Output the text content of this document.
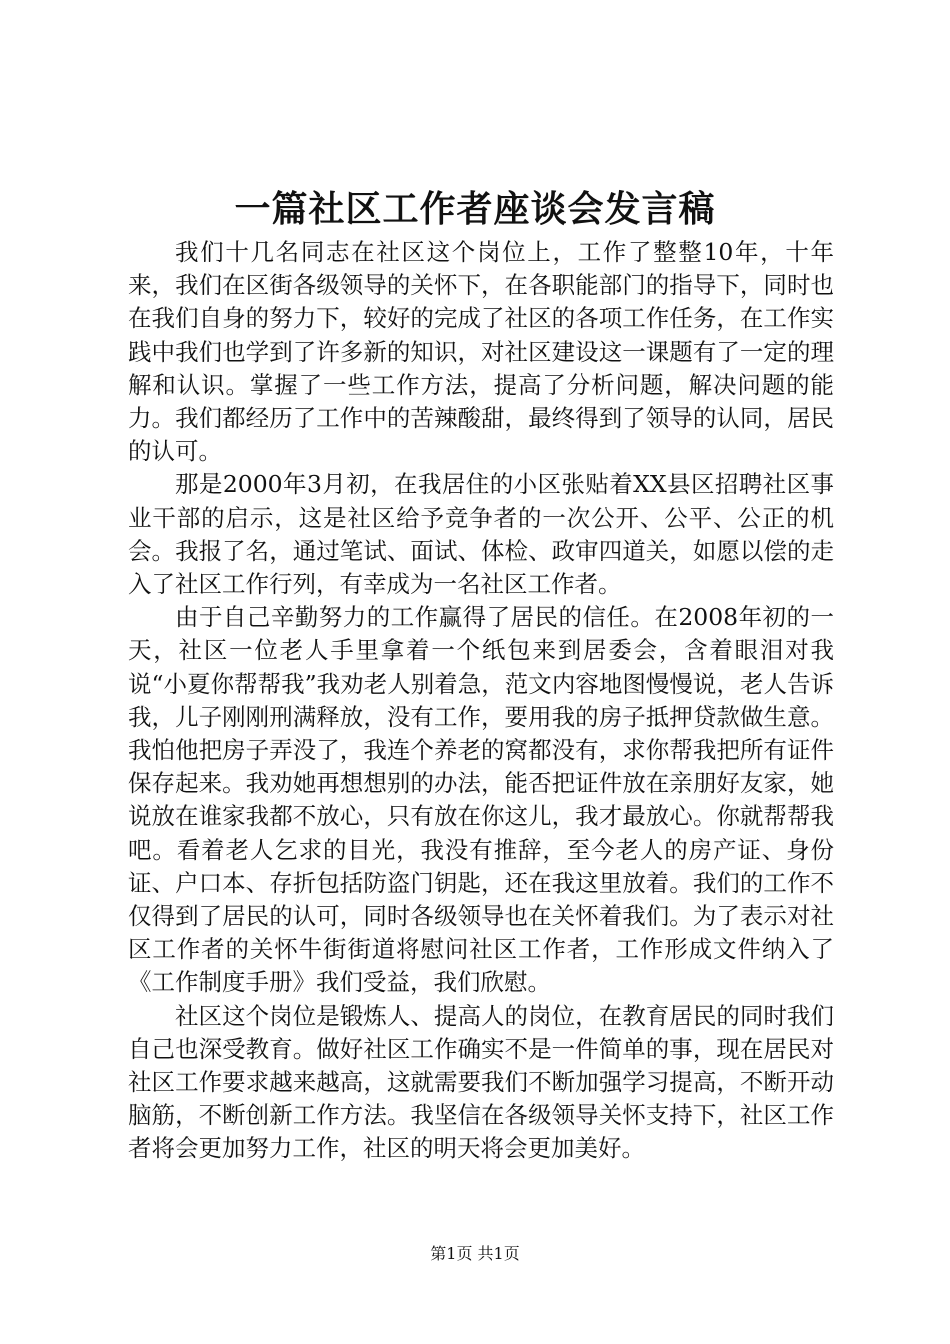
一篇社区工作者座谈会发言稿

我们十几名同志在社区这个岗位上，工作了整整10年，十年来，我们在区街各级领导的关怀下，在各职能部门的指导下，同时也在我们自身的努力下，较好的完成了社区的各项工作任务，在工作实践中我们也学到了许多新的知识，对社区建设这一课题有了一定的理解和认识。掌握了一些工作方法，提高了分析问题，解决问题的能力。我们都经历了工作中的苦辣酸甜，最终得到了领导的认同，居民的认可。

那是2000年3月初，在我居住的小区张贴着XX县区招聘社区事业干部的启示，这是社区给予竞争者的一次公开、公平、公正的机会。我报了名，通过笔试、面试、体检、政审四道关，如愿以偿的走入了社区工作行列，有幸成为一名社区工作者。

由于自己辛勤努力的工作赢得了居民的信任。在2008年初的一天，社区一位老人手里拿着一个纸包来到居委会，含着眼泪对我说“小夏你帮帮我”我劝老人别着急，范文内容地图慢慢说，老人告诉我，儿子刚刚刑满释放，没有工作，要用我的房子抵押贷款做生意。我怕他把房子弄没了，我连个养老的窝都没有，求你帮我把所有证件保存起来。我劝她再想想别的办法，能否把证件放在亲朋好友家，她说放在谁家我都不放心，只有放在你这儿，我才最放心。你就帮帮我吧。看着老人乞求的目光，我没有推辞，至今老人的房产证、身份证、户口本、存折包括防盗门钥匙，还在我这里放着。我们的工作不仅得到了居民的认可，同时各级领导也在关怀着我们。为了表示对社区工作者的关怀牛街街道将慰问社区工作者，工作形成文件纳入了《工作制度手册》我们受益，我们欣慰。

社区这个岗位是锻炼人、提高人的岗位，在教育居民的同时我们自己也深受教育。做好社区工作确实不是一件简单的事，现在居民对社区工作要求越来越高，这就需要我们不断加强学习提高，不断开动脑筋，不断创新工作方法。我坚信在各级领导关怀支持下，社区工作者将会更加努力工作，社区的明天将会更加美好。

第1页 共1页
